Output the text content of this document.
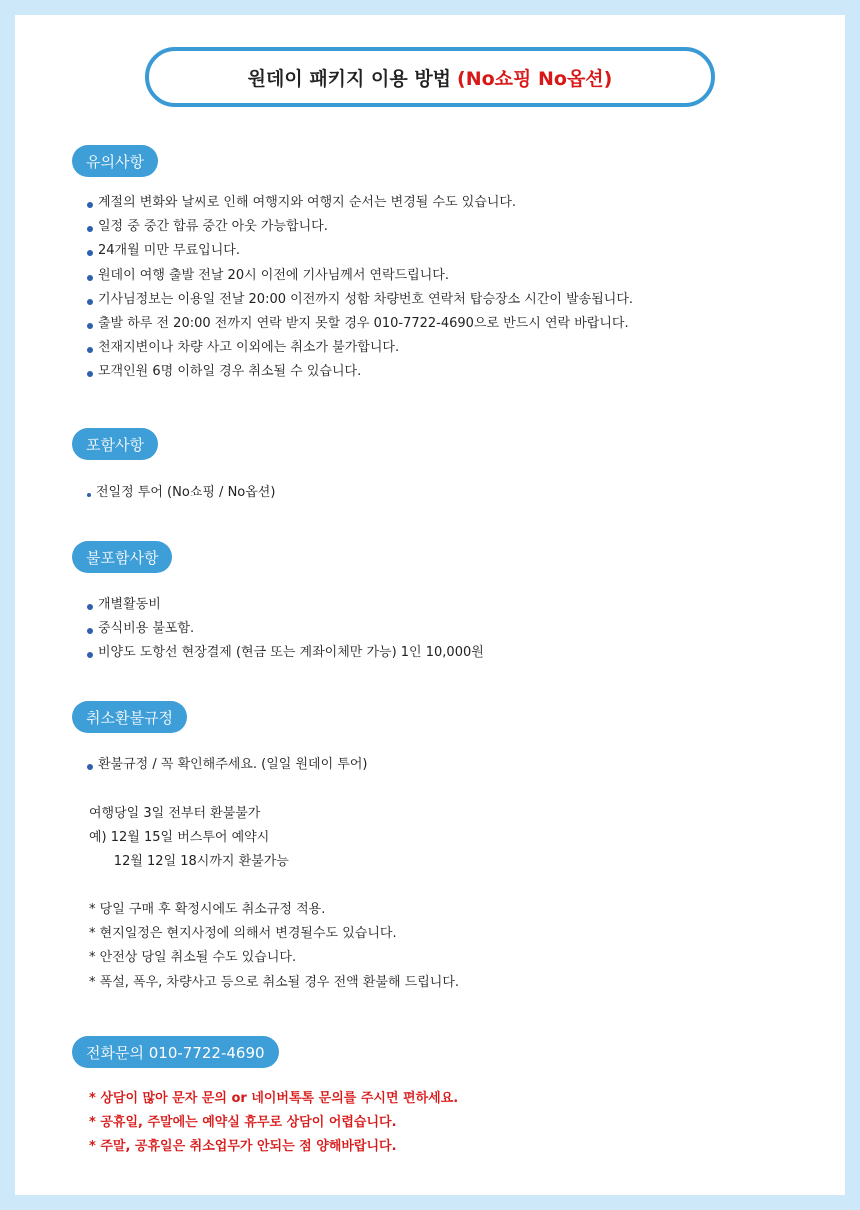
원데이 패키지 이용 방법 (No쇼핑 No옵션)
유의사항
계절의 변화와 날씨로 인해 여행지와 여행지 순서는 변경될 수도 있습니다.
일정 중 중간 합류 중간 아웃 가능합니다.
24개월 미만 무료입니다.
원데이 여행 출발 전날 20시 이전에 기사님께서 연락드립니다.
기사님정보는 이용일 전날 20:00 이전까지 성함 차량번호 연락처 탑승장소 시간이 발송됩니다.
출발 하루 전 20:00 전까지 연락 받지 못할 경우 010-7722-4690으로 반드시 연락 바랍니다.
천재지변이나 차량 사고 이외에는 취소가 불가합니다.
모객인원 6명 이하일 경우 취소될 수 있습니다.
포함사항
전일정 투어 (No쇼핑 / No옵션)
불포함사항
개별활동비
중식비용 불포함.
비양도 도항선 현장결제 (현금 또는 계좌이체만 가능) 1인 10,000원
취소환불규정
환불규정 / 꼭 확인해주세요. (일일 원데이 투어)
여행당일 3일 전부터 환불불가
예) 12월 15일 버스투어 예약시
12월 12일 18시까지 환불가능
* 당일 구매 후 확정시에도 취소규정 적용.
* 현지일정은 현지사정에 의해서 변경될수도 있습니다.
* 안전상 당일 취소될 수도 있습니다.
* 폭설, 폭우, 차량사고 등으로 취소될 경우 전액 환불해 드립니다.
전화문의 010-7722-4690
* 상담이 많아 문자 문의 or 네이버톡톡 문의를 주시면 편하세요.
* 공휴일, 주말에는 예약실 휴무로 상담이 어렵습니다.
* 주말, 공휴일은 취소업무가 안되는 점 양해바랍니다.
